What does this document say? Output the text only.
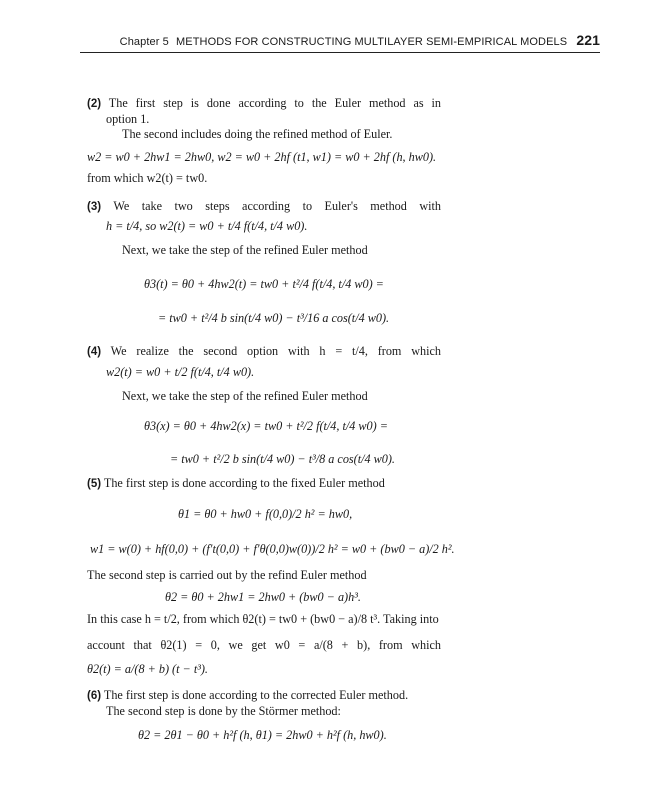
Chapter 5 METHODS FOR CONSTRUCTING MULTILAYER SEMI-EMPIRICAL MODELS 221
(2) The first step is done according to the Euler method as in
option 1.
The second includes doing the refined method of Euler.
w2 = w0 + 2hw1 = 2hw0, w2 = w0 + 2hf (t1, w1) = w0 + 2hf (h, hw0).
from which w2(t) = tw0.
(3) We take two steps according to Euler's method with
h = t/4, so w2(t) = w0 + t/4 f(t/4, t/4 w0).
Next, we take the step of the refined Euler method
θ3(t) = θ0 + 4hw2(t) = tw0 + t²/4 f(t/4, t/4 w0) =
= tw0 + t²/4 b sin(t/4 w0) − t³/16 a cos(t/4 w0).
(4) We realize the second option with h = t/4, from which
w2(t) = w0 + t/2 f(t/4, t/4 w0).
Next, we take the step of the refined Euler method
θ3(x) = θ0 + 4hw2(x) = tw0 + t²/2 f(t/4, t/4 w0) =
= tw0 + t²/2 b sin(t/4 w0) − t³/8 a cos(t/4 w0).
(5) The first step is done according to the fixed Euler method
θ1 = θ0 + hw0 + f(0,0)/2 h² = hw0,
w1 = w(0) + hf(0,0) + (f′t(0,0) + f′θ(0,0)w(0))/2 h² = w0 + (bw0 − a)/2 h².
The second step is carried out by the refind Euler method
θ2 = θ0 + 2hw1 = 2hw0 + (bw0 − a)h³.
In this case h = t/2, from which θ2(t) = tw0 + (bw0 − a)/8 t³. Taking into
account that θ2(1) = 0, we get w0 = a/(8 + b), from which
θ2(t) = a/(8 + b) (t − t³).
(6) The first step is done according to the corrected Euler method.
The second step is done by the Störmer method:
θ2 = 2θ1 − θ0 + h²f (h, θ1) = 2hw0 + h²f (h, hw0).
